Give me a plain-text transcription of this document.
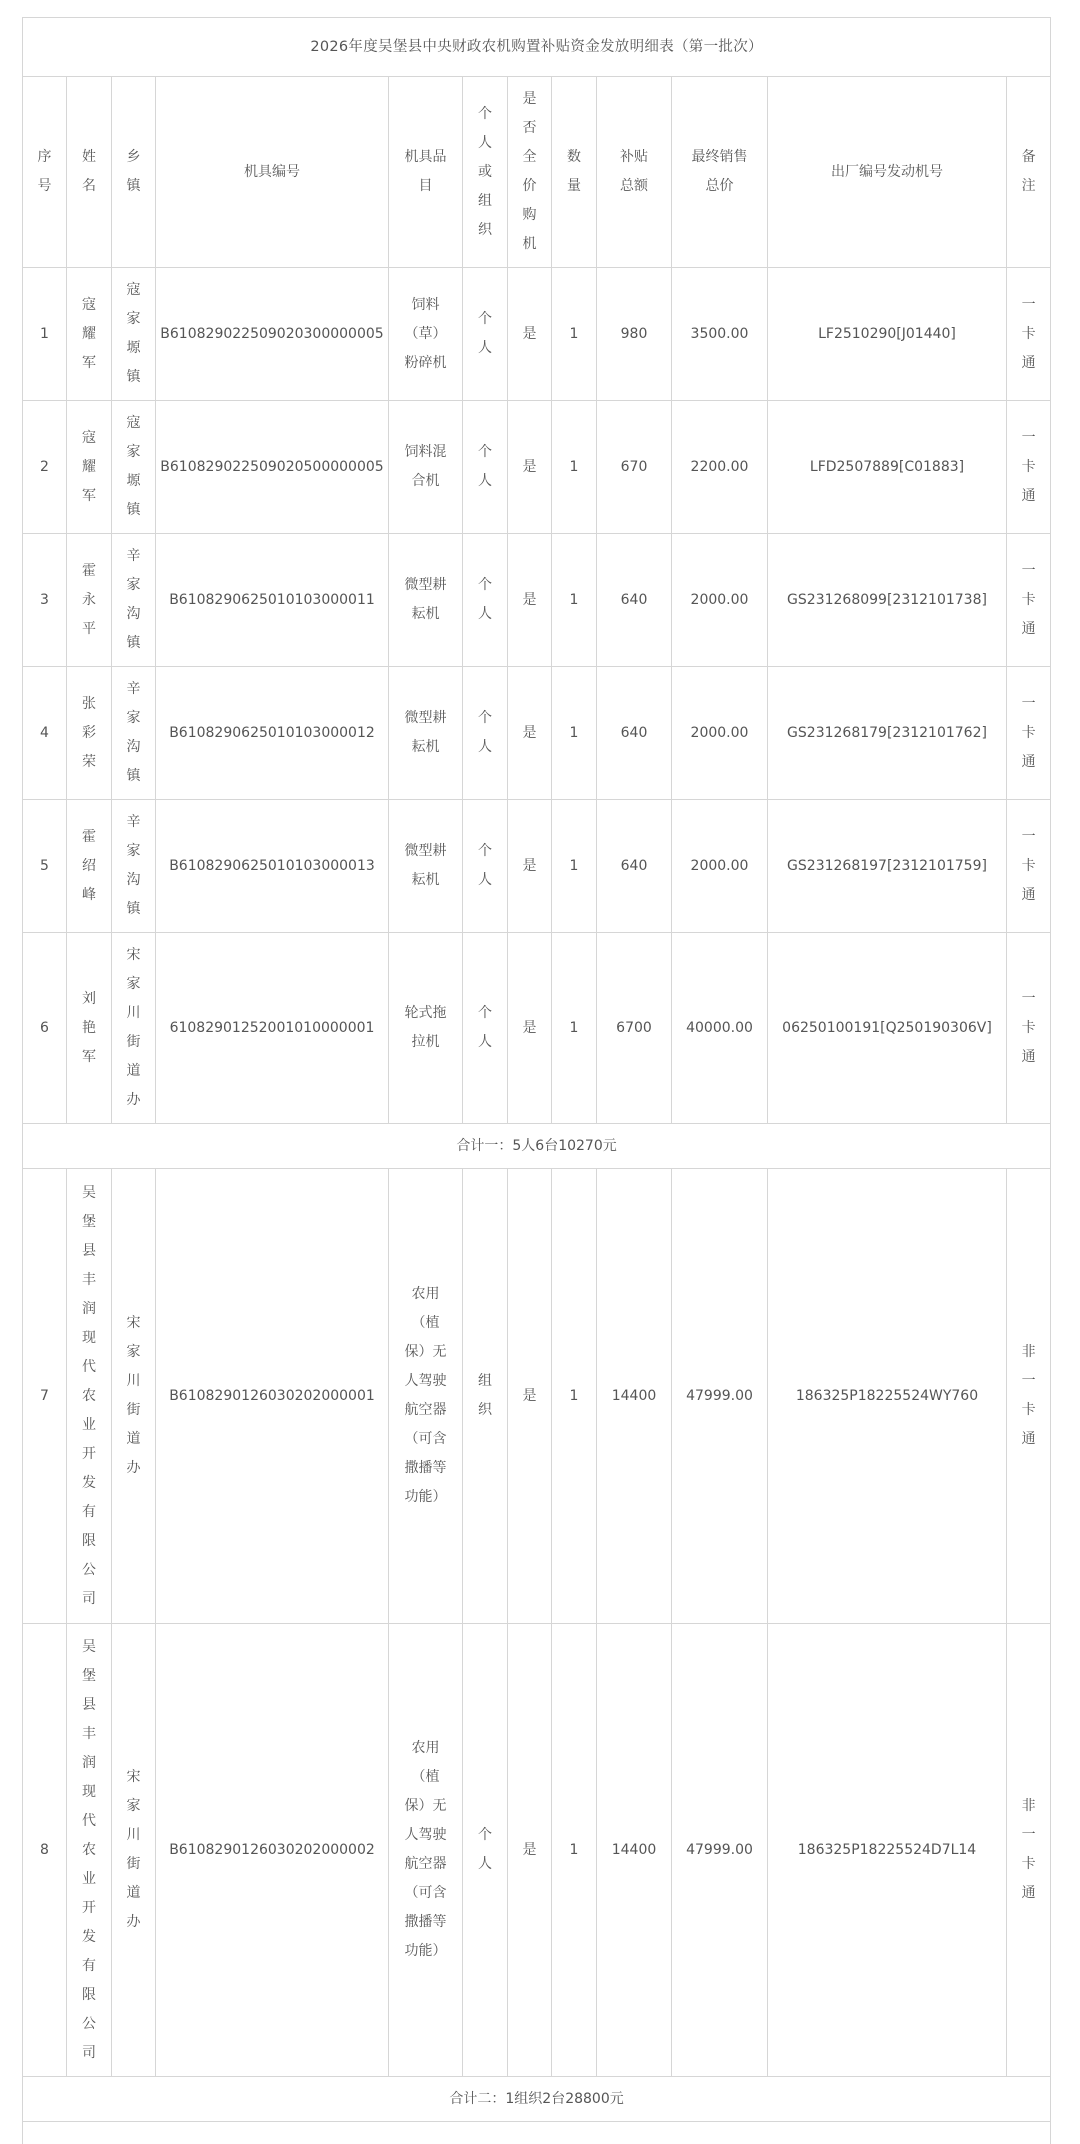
2026年度吴堡县中央财政农机购置补贴资金发放明细表（第一批次）											
序号	姓名	乡镇	机具编号	机具品目	个人或组织	是否全价购机	数量	补贴总额	最终销售总价	出厂编号发动机号	备注
1	寇耀军	寇家塬镇	B610829022509020300000005	饲料（草）粉碎机	个人	是	1	980	3500.00	LF2510290[J01440]	一卡通
2	寇耀军	寇家塬镇	B610829022509020500000005	饲料混合机	个人	是	1	670	2200.00	LFD2507889[C01883]	一卡通
3	霍永平	辛家沟镇	B6108290625010103000011	微型耕耘机	个人	是	1	640	2000.00	GS231268099[2312101738]	一卡通
4	张彩荣	辛家沟镇	B6108290625010103000012	微型耕耘机	个人	是	1	640	2000.00	GS231268179[2312101762]	一卡通
5	霍绍峰	辛家沟镇	B6108290625010103000013	微型耕耘机	个人	是	1	640	2000.00	GS231268197[2312101759]	一卡通
6	刘艳军	宋家川街道办	61082901252001010000001	轮式拖拉机	个人	是	1	6700	40000.00	06250100191[Q250190306V]	一卡通
合计一：5人6台10270元											
7	吴堡县丰润现代农业开发有限公司	宋家川街道办	B6108290126030202000001	农用（植保）无人驾驶航空器（可含撒播等功能）	组织	是	1	14400	47999.00	186325P18225524WY760	非一卡通
8	吴堡县丰润现代农业开发有限公司	宋家川街道办	B6108290126030202000002	农用（植保）无人驾驶航空器（可含撒播等功能）	个人	是	1	14400	47999.00	186325P18225524D7L14	非一卡通
合计二：1组织2台28800元											
